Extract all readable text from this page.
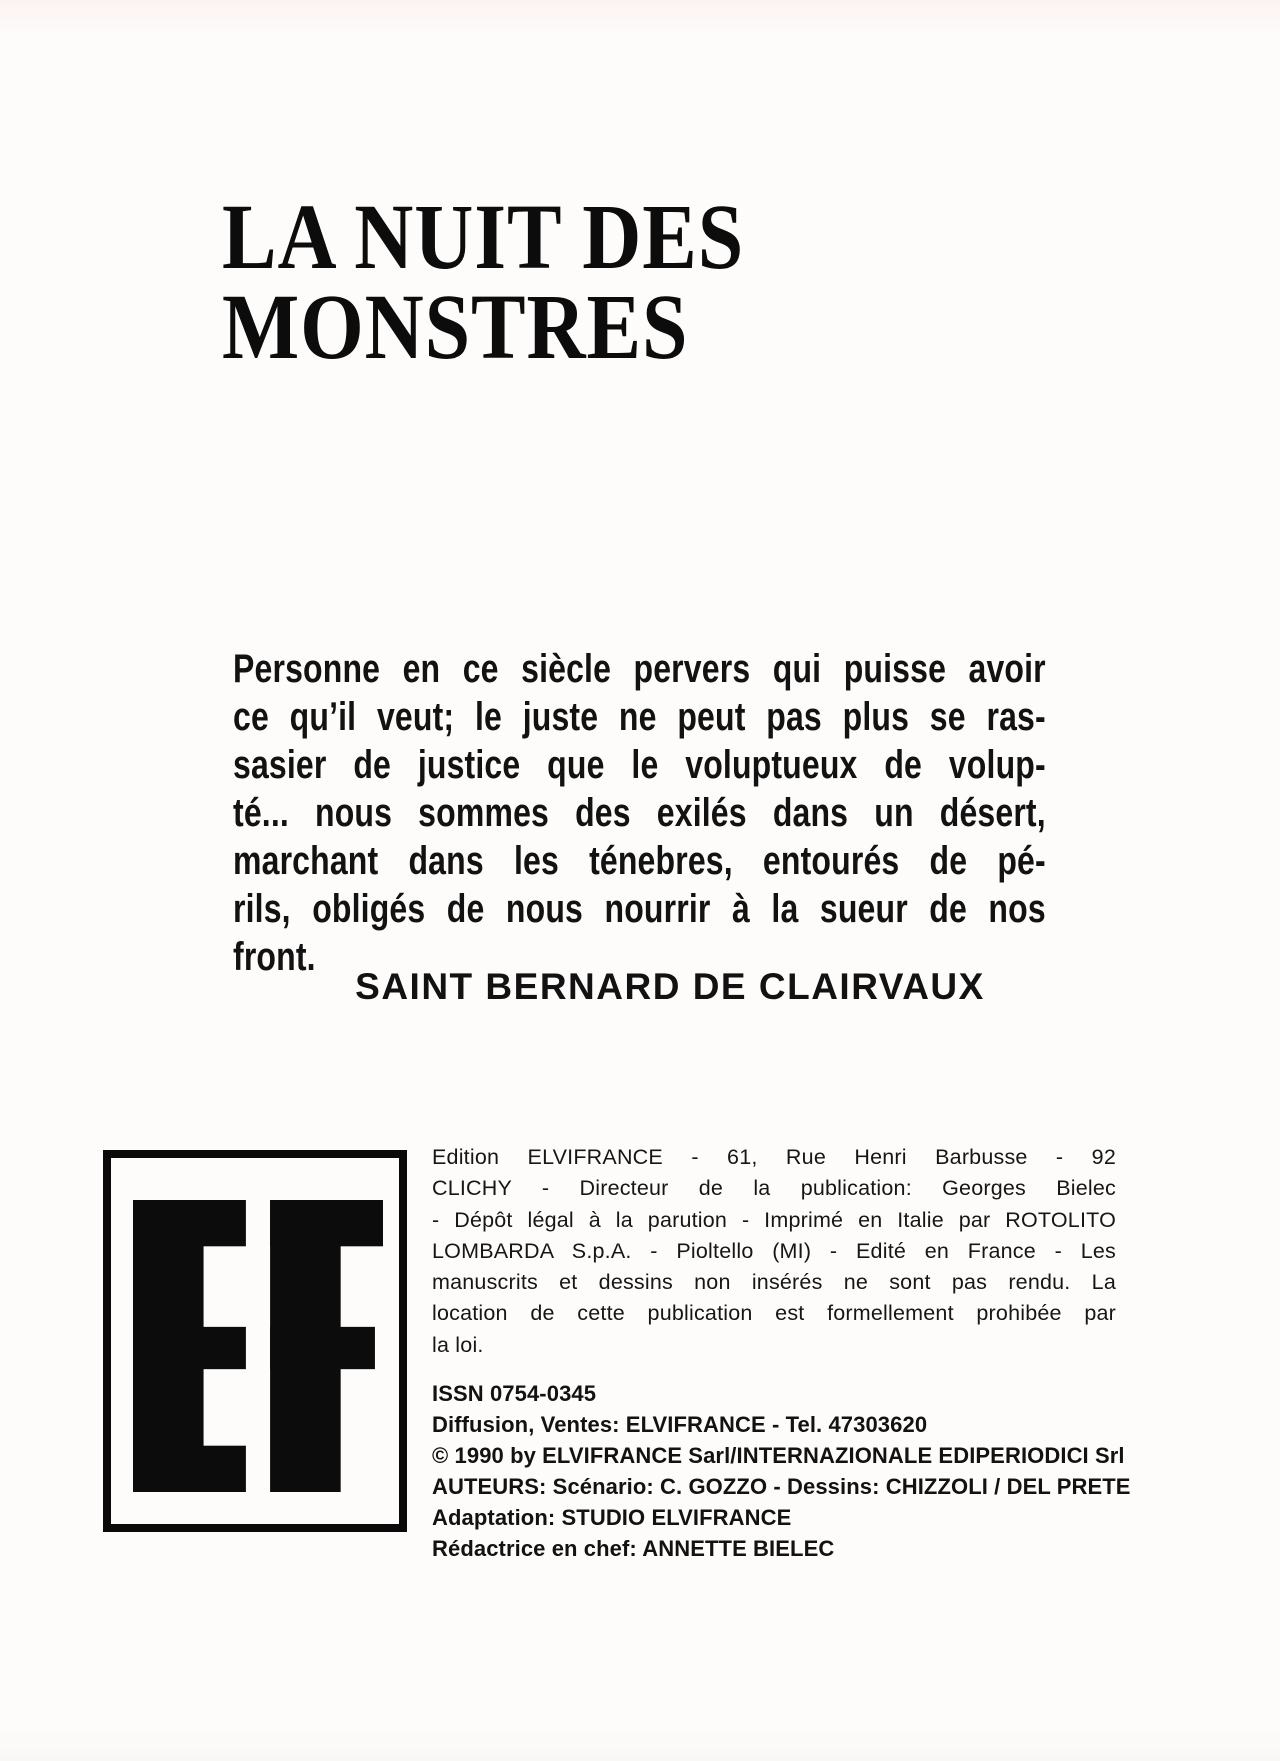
LA NUIT DES
MONSTRES
Personne en ce siècle pervers qui puisse avoir
ce qu’il veut; le juste ne peut pas plus se ras-
sasier de justice que le voluptueux de volup-
té... nous sommes des exilés dans un désert,
marchant dans les ténebres, entourés de pé-
rils, obligés de nous nourrir à la sueur de nos
front.
SAINT BERNARD DE CLAIRVAUX
Edition ELVIFRANCE - 61, Rue Henri Barbusse - 92
CLICHY - Directeur de la publication: Georges Bielec
- Dépôt légal à la parution - Imprimé en Italie par ROTOLITO
LOMBARDA S.p.A. - Pioltello (MI) - Edité en France - Les
manuscrits et dessins non insérés ne sont pas rendu. La
location de cette publication est formellement prohibée par
la loi.
ISSN 0754-0345
Diffusion, Ventes: ELVIFRANCE - Tel. 47303620
© 1990 by ELVIFRANCE Sarl/INTERNAZIONALE EDIPERIODICI Srl
AUTEURS: Scénario: C. GOZZO - Dessins: CHIZZOLI / DEL PRETE
Adaptation: STUDIO ELVIFRANCE
Rédactrice en chef: ANNETTE BIELEC
